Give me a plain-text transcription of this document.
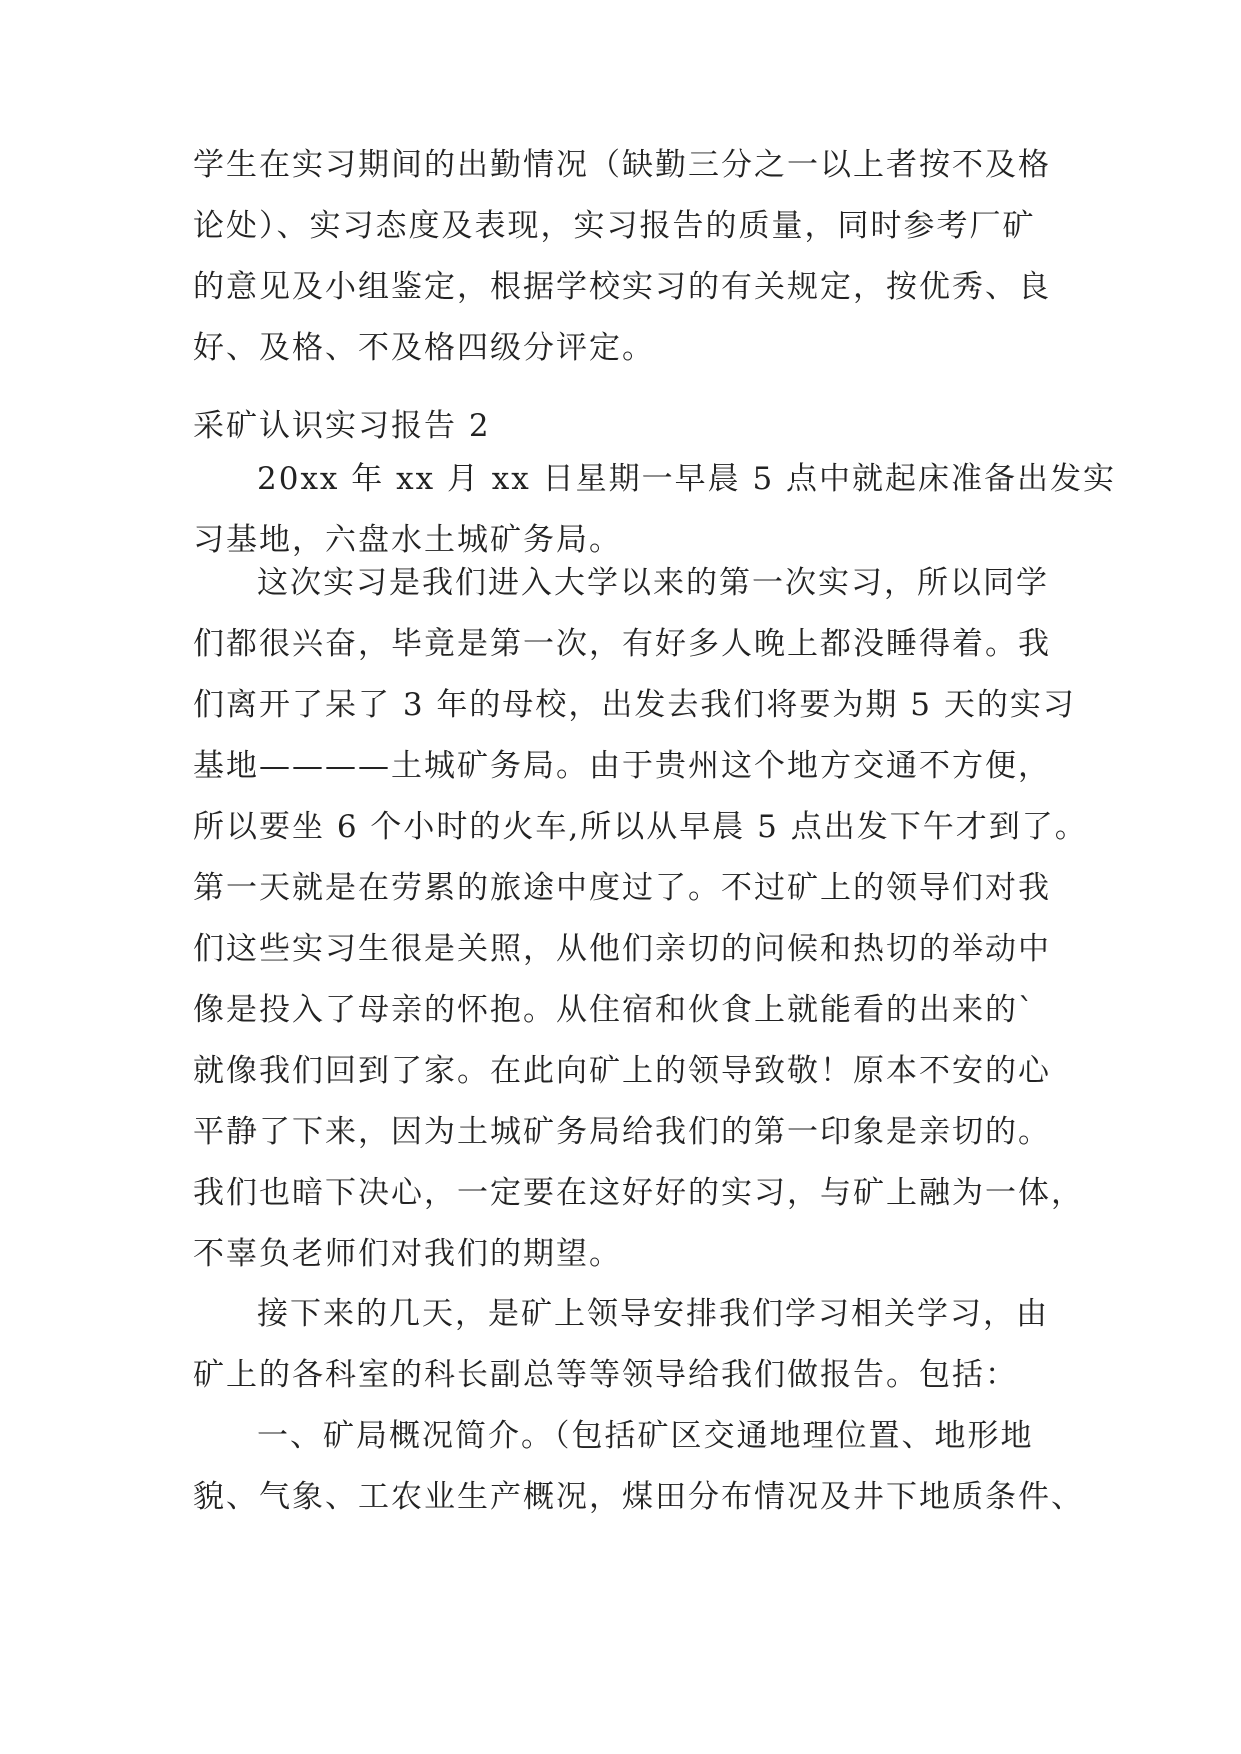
学生在实习期间的出勤情况（缺勤三分之一以上者按不及格
论处）、实习态度及表现，实习报告的质量，同时参考厂矿
的意见及小组鉴定，根据学校实习的有关规定，按优秀、良
好、及格、不及格四级分评定。
采矿认识实习报告 2
20xx 年 xx 月 xx 日星期一早晨 5 点中就起床准备出发实
习基地，六盘水土城矿务局。
这次实习是我们进入大学以来的第一次实习，所以同学
们都很兴奋，毕竟是第一次，有好多人晚上都没睡得着。我
们离开了呆了 3 年的母校，出发去我们将要为期 5 天的实习
基地————土城矿务局。由于贵州这个地方交通不方便，
所以要坐 6 个小时的火车,所以从早晨 5 点出发下午才到了。
第一天就是在劳累的旅途中度过了。不过矿上的领导们对我
们这些实习生很是关照，从他们亲切的问候和热切的举动中
像是投入了母亲的怀抱。从住宿和伙食上就能看的出来的`
就像我们回到了家。在此向矿上的领导致敬！原本不安的心
平静了下来，因为土城矿务局给我们的第一印象是亲切的。
我们也暗下决心，一定要在这好好的实习，与矿上融为一体，
不辜负老师们对我们的期望。
接下来的几天，是矿上领导安排我们学习相关学习，由
矿上的各科室的科长副总等等领导给我们做报告。包括：
一、矿局概况简介。（包括矿区交通地理位置、地形地
貌、气象、工农业生产概况，煤田分布情况及井下地质条件、
